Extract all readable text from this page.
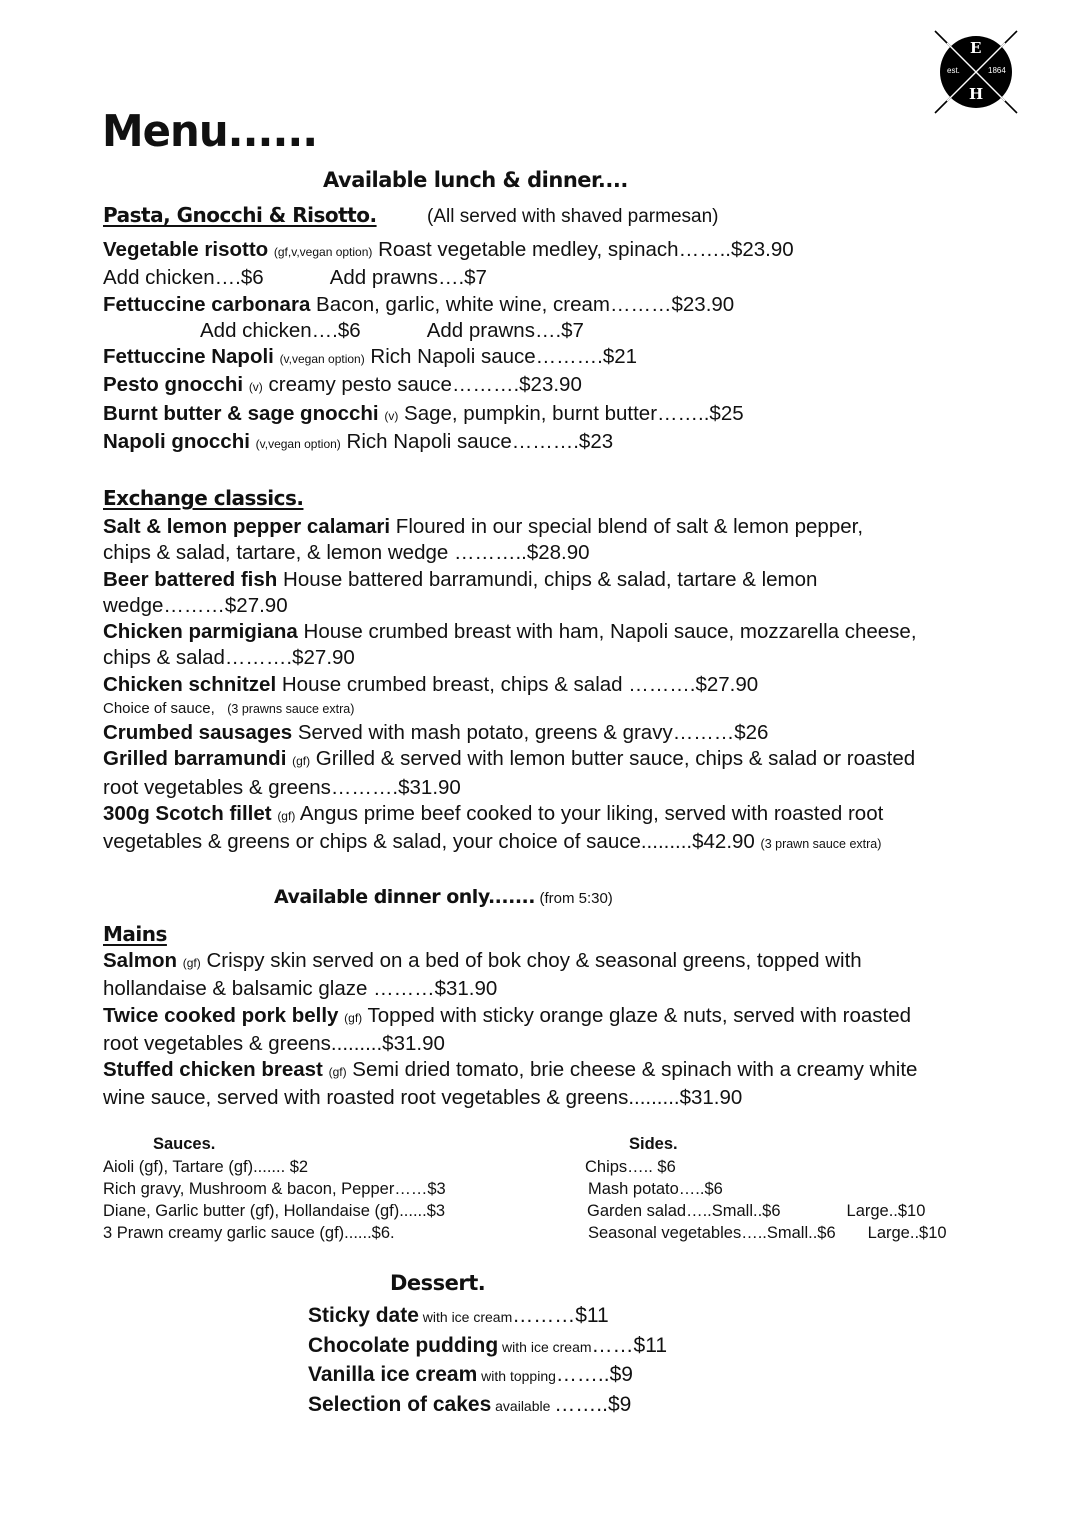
E
H
est.	1864
Menu......
Available lunch & dinner....
Pasta, Gnocchi & Risotto.	(All served with shaved parmesan)
Vegetable risotto (gf,v,vegan option) Roast vegetable medley, spinach……..$23.90
Add chicken….$6	Add prawns….$7
Fettuccine carbonara Bacon, garlic, white wine, cream………$23.90
Add chicken….$6	Add prawns….$7
Fettuccine Napoli (v,vegan option) Rich Napoli sauce……….$21
Pesto gnocchi (v) creamy pesto sauce……….$23.90
Burnt butter & sage gnocchi (v) Sage, pumpkin, burnt butter……..$25
Napoli gnocchi (v,vegan option) Rich Napoli sauce……….$23
Exchange classics.
Salt & lemon pepper calamari Floured in our special blend of salt & lemon pepper,
chips & salad, tartare, & lemon wedge ………..$28.90
Beer battered fish House battered barramundi, chips & salad, tartare & lemon
wedge………$27.90
Chicken parmigiana House crumbed breast with ham, Napoli sauce, mozzarella cheese,
chips & salad……….$27.90
Chicken schnitzel House crumbed breast, chips & salad ……….$27.90
Choice of sauce, (3 prawns sauce extra)
Crumbed sausages Served with mash potato, greens & gravy………$26
Grilled barramundi (gf) Grilled & served with lemon butter sauce, chips & salad or roasted
root vegetables & greens……….$31.90
300g Scotch fillet (gf) Angus prime beef cooked to your liking, served with roasted root
vegetables & greens or chips & salad, your choice of sauce.........$42.90 (3 prawn sauce extra)
Available dinner only....... (from 5:30)
Mains
Salmon (gf) Crispy skin served on a bed of bok choy & seasonal greens, topped with
hollandaise & balsamic glaze ………$31.90
Twice cooked pork belly (gf) Topped with sticky orange glaze & nuts, served with roasted
root vegetables & greens.........$31.90
Stuffed chicken breast (gf) Semi dried tomato, brie cheese & spinach with a creamy white
wine sauce, served with roasted root vegetables & greens.........$31.90
Sauces.
Aioli (gf), Tartare (gf)....... $2
Rich gravy, Mushroom & bacon, Pepper……$3
Diane, Garlic butter (gf), Hollandaise (gf)......$3
3 Prawn creamy garlic sauce (gf)......$6.
Sides.
Chips….. $6
Mash potato…..$6
Garden salad…..Small..$6	Large..$10
Seasonal vegetables…..Small..$6 Large..$10
Dessert.
Sticky date with ice cream………$11
Chocolate pudding with ice cream……$11
Vanilla ice cream with topping……..$9
Selection of cakes available ……..$9
